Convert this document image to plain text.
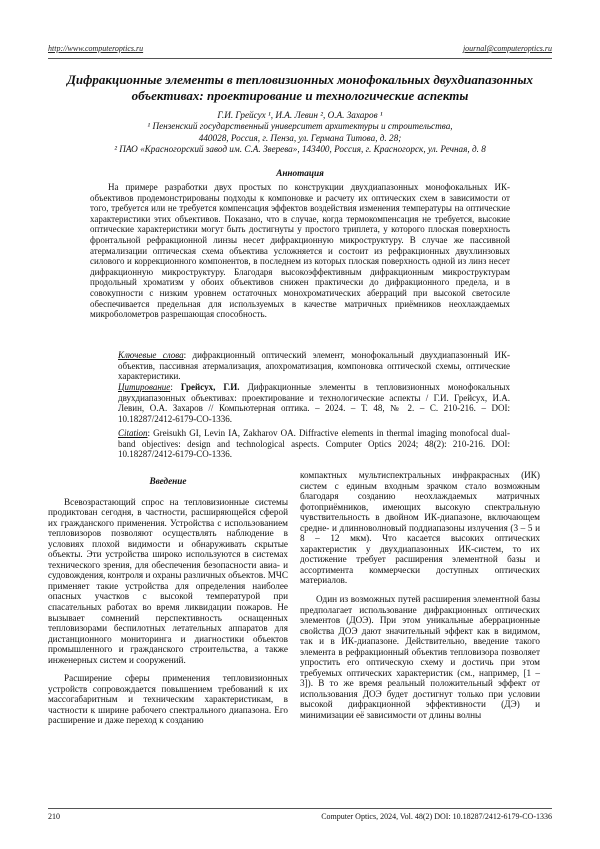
http://www.computeroptics.ru	journal@computeroptics.ru
Дифракционные элементы в тепловизионных монофокальных двухдиапазонных объективах: проектирование и технологические аспекты
Г.И. Грейсух ¹, И.А. Левин ², О.А. Захаров ¹
¹ Пензенский государственный университет архитектуры и строительства,
440028, Россия, г. Пенза, ул. Германа Титова, д. 28;
² ПАО «Красногорский завод им. С.А. Зверева», 143400, Россия, г. Красногорск, ул. Речная, д. 8
Аннотация

На примере разработки двух простых по конструкции двухдиапазонных монофокальных ИК-объективов продемонстрированы подходы к компоновке и расчету их оптических схем в зависимости от того, требуется или не требуется компенсация эффектов воздействия изменения температуры на оптические характеристики этих объективов. Показано, что в случае, когда термокомпенсация не требуется, высокие оптические характеристики могут быть достигнуты у простого триплета, у которого плоская поверхность фронтальной рефракционной линзы несет дифракционную микроструктуру. В случае же пассивной атермализации оптическая схема объектива усложняется и состоит из рефракционных двухлинзовых силового и коррекционного компонентов, в последнем из которых плоская поверхность одной из линз несет дифракционную микроструктуру. Благодаря высокоэффективным дифракционным микроструктурам продольный хроматизм у обоих объективов снижен практически до дифракционного предела, и в совокупности с низким уровнем остаточных монохроматических аберраций при высокой светосиле обеспечивается предельная для используемых в качестве матричных приёмников неохлаждаемых микроболометров разрешающая способность.

Ключевые слова: дифракционный оптический элемент, монофокальный двухдиапазонный ИК-объектив, пассивная атермализация, апохроматизация, компоновка оптической схемы, оптические характеристики.
Цитирование: Грейсух, Г.И. Дифракционные элементы в тепловизионных монофокальных двухдиапазонных объективах: проектирование и технологические аспекты / Г.И. Грейсух, И.А. Левин, О.А. Захаров // Компьютерная оптика. – 2024. – Т. 48, № 2. – С. 210-216. – DOI: 10.18287/2412-6179-CO-1336.
Citation: Greisukh GI, Levin IA, Zakharov OA. Diffractive elements in thermal imaging monofocal dual-band objectives: design and technological aspects. Computer Optics 2024; 48(2): 210-216. DOI: 10.18287/2412-6179-CO-1336.
Введение

Всевозрастающий спрос на тепловизионные системы продиктован сегодня, в частности, расширяющейся сферой их гражданского применения. Устройства с использованием тепловизоров позволяют осуществлять наблюдение в условиях плохой видимости и обнаруживать скрытые объекты. Эти устройства широко используются в системах технического зрения, для обеспечения безопасности авиа- и судовождения, контроля и охраны различных объектов. МЧС применяет такие устройства для определения наиболее опасных участков с высокой температурой при спасательных работах во время ликвидации пожаров. Не вызывает сомнений перспективность оснащенных тепловизорами беспилотных летательных аппаратов для дистанционного мониторинга и диагностики объектов промышленного и гражданского строительства, а также инженерных систем и сооружений.

Расширение сферы применения тепловизионных устройств сопровождается повышением требований к их массогабаритным и техническим характеристикам, в частности к ширине рабочего спектрального диапазона. Его расширение и даже переход к созданию

компактных мультиспектральных инфракрасных (ИК) систем с единым входным зрачком стало возможным благодаря созданию неохлаждаемых матричных фотоприёмников, имеющих высокую спектральную чувствительность в двойном ИК-диапазоне, включающем средне- и длинноволновый поддиапазоны излучения (3 – 5 и 8 – 12 мкм). Что касается высоких оптических характеристик у двухдиапазонных ИК-систем, то их достижение требует расширения элементной базы и ассортимента коммерчески доступных оптических материалов.

Один из возможных путей расширения элементной базы предполагает использование дифракционных оптических элементов (ДОЭ). При этом уникальные аберрационные свойства ДОЭ дают значительный эффект как в видимом, так и в ИК-диапазоне. Действительно, введение такого элемента в рефракционный объектив тепловизора позволяет упростить его оптическую схему и достичь при этом требуемых оптических характеристик (см., например, [1 – 3]). В то же время реальный положительный эффект от использования ДОЭ будет достигнут только при условии высокой дифракционной эффективности (ДЭ) и минимизации её зависимости от длины волны

210	Computer Optics, 2024, Vol. 48(2) DOI: 10.18287/2412-6179-CO-1336
